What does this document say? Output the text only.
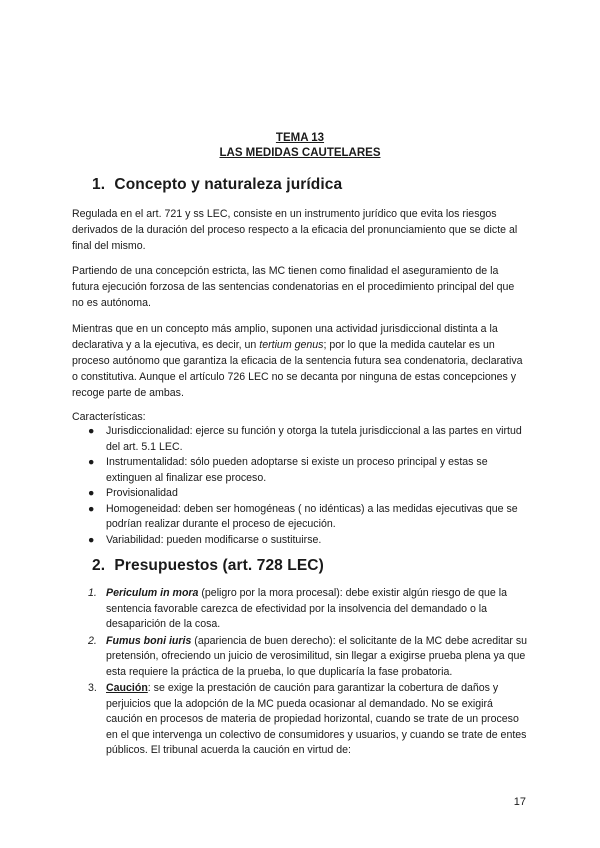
TEMA 13
LAS MEDIDAS CAUTELARES
1. Concepto y naturaleza jurídica

Regulada en el art. 721 y ss LEC, consiste en un instrumento jurídico que evita los riesgos derivados de la duración del proceso respecto a la eficacia del pronunciamiento que se dicte al final del mismo.

Partiendo de una concepción estricta, las MC tienen como finalidad el aseguramiento de la futura ejecución forzosa de las sentencias condenatorias en el procedimiento principal del que no es autónoma.

Mientras que en un concepto más amplio, suponen una actividad jurisdiccional distinta a la declarativa y a la ejecutiva, es decir, un tertium genus; por lo que la medida cautelar es un proceso autónomo que garantiza la eficacia de la sentencia futura sea condenatoria, declarativa o constitutiva. Aunque el artículo 726 LEC no se decanta por ninguna de estas concepciones y recoge parte de ambas.

Características:

● Jurisdiccionalidad: ejerce su función y otorga la tutela jurisdiccional a las partes en virtud del art. 5.1 LEC.
● Instrumentalidad: sólo pueden adoptarse si existe un proceso principal y estas se extinguen al finalizar ese proceso.
● Provisionalidad
● Homogeneidad: deben ser homogéneas ( no idénticas) a las medidas ejecutivas que se podrían realizar durante el proceso de ejecución.
● Variabilidad: pueden modificarse o sustituirse.
2. Presupuestos (art. 728 LEC)
1. Periculum in mora (peligro por la mora procesal): debe existir algún riesgo de que la sentencia favorable carezca de efectividad por la insolvencia del demandado o la desaparición de la cosa.
2. Fumus boni iuris (apariencia de buen derecho): el solicitante de la MC debe acreditar su pretensión, ofreciendo un juicio de verosimilitud, sin llegar a exigirse prueba plena ya que esta requiere la práctica de la prueba, lo que duplicaría la fase probatoria.
3. Caución: se exige la prestación de caución para garantizar la cobertura de daños y perjuicios que la adopción de la MC pueda ocasionar al demandado. No se exigirá caución en procesos de materia de propiedad horizontal, cuando se trate de un proceso en el que intervenga un colectivo de consumidores y usuarios, y cuando se trate de entes públicos. El tribunal acuerda la caución en virtud de:
17
